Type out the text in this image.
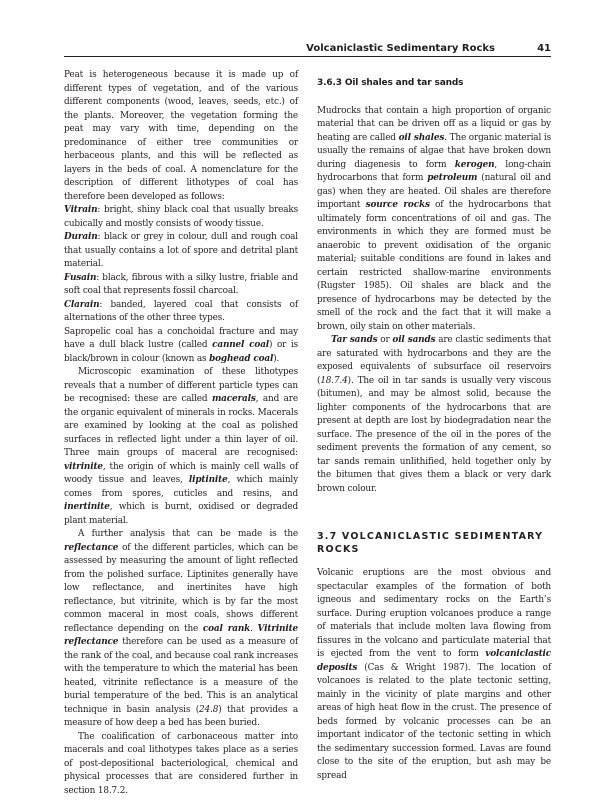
Volcaniclastic Sedimentary Rocks	41

Peat is heterogeneous because it is made up of different types of vegetation, and of the various different components (wood, leaves, seeds, etc.) of the plants. Moreover, the vegetation forming the peat may vary with time, depending on the predominance of either tree communities or herbaceous plants, and this will be reflected as layers in the beds of coal. A nomenclature for the description of different lithotypes of coal has therefore been developed as follows:

Vitrain: bright, shiny black coal that usually breaks cubically and mostly consists of woody tissue.

Durain: black or grey in colour, dull and rough coal that usually contains a lot of spore and detrital plant material.

Fusain: black, fibrous with a silky lustre, friable and soft coal that represents fossil charcoal.

Clarain: banded, layered coal that consists of alternations of the other three types.

Sapropelic coal has a conchoidal fracture and may have a dull black lustre (called cannel coal) or is black/brown in colour (known as boghead coal).

Microscopic examination of these lithotypes reveals that a number of different particle types can be recognised: these are called macerals, and are the organic equivalent of minerals in rocks. Macerals are examined by looking at the coal as polished surfaces in reflected light under a thin layer of oil. Three main groups of maceral are recognised: vitrinite, the origin of which is mainly cell walls of woody tissue and leaves, liptinite, which mainly comes from spores, cuticles and resins, and inertinite, which is burnt, oxidised or degraded plant material.

A further analysis that can be made is the reflectance of the different particles, which can be assessed by measuring the amount of light reflected from the polished surface. Liptinites generally have low reflectance, and inertinites have high reflectance, but vitrinite, which is by far the most common maceral in most coals, shows different reflectance depending on the coal rank. Vitrinite reflectance therefore can be used as a measure of the rank of the coal, and because coal rank increases with the temperature to which the material has been heated, vitrinite reflectance is a measure of the burial temperature of the bed. This is an analytical technique in basin analysis (24.8) that provides a measure of how deep a bed has been buried.

The coalification of carbonaceous matter into macerals and coal lithotypes takes place as a series of post-depositional bacteriological, chemical and physical processes that are considered further in section 18.7.2.

3.6.3 Oil shales and tar sands

Mudrocks that contain a high proportion of organic material that can be driven off as a liquid or gas by heating are called oil shales. The organic material is usually the remains of algae that have broken down during diagenesis to form kerogen, long-chain hydrocarbons that form petroleum (natural oil and gas) when they are heated. Oil shales are therefore important source rocks of the hydrocarbons that ultimately form concentrations of oil and gas. The environments in which they are formed must be anaerobic to prevent oxidisation of the organic material; suitable conditions are found in lakes and certain restricted shallow-marine environments (Rugster 1985). Oil shales are black and the presence of hydrocarbons may be detected by the smell of the rock and the fact that it will make a brown, oily stain on other materials.

Tar sands or oil sands are clastic sediments that are saturated with hydrocarbons and they are the exposed equivalents of subsurface oil reservoirs (18.7.4). The oil in tar sands is usually very viscous (bitumen), and may be almost solid, because the lighter components of the hydrocarbons that are present at depth are lost by biodegradation near the surface. The presence of the oil in the pores of the sediment prevents the formation of any cement, so tar sands remain unlithified, held together only by the bitumen that gives them a black or very dark brown colour.

3.7 VOLCANICLASTIC SEDIMENTARY ROCKS

Volcanic eruptions are the most obvious and spectacular examples of the formation of both igneous and sedimentary rocks on the Earth’s surface. During eruption volcanoes produce a range of materials that include molten lava flowing from fissures in the volcano and particulate material that is ejected from the vent to form volcaniclastic deposits (Cas & Wright 1987). The location of volcanoes is related to the plate tectonic setting, mainly in the vicinity of plate margins and other areas of high heat flow in the crust. The presence of beds formed by volcanic processes can be an important indicator of the tectonic setting in which the sedimentary succession formed. Lavas are found close to the site of the eruption, but ash may be spread
